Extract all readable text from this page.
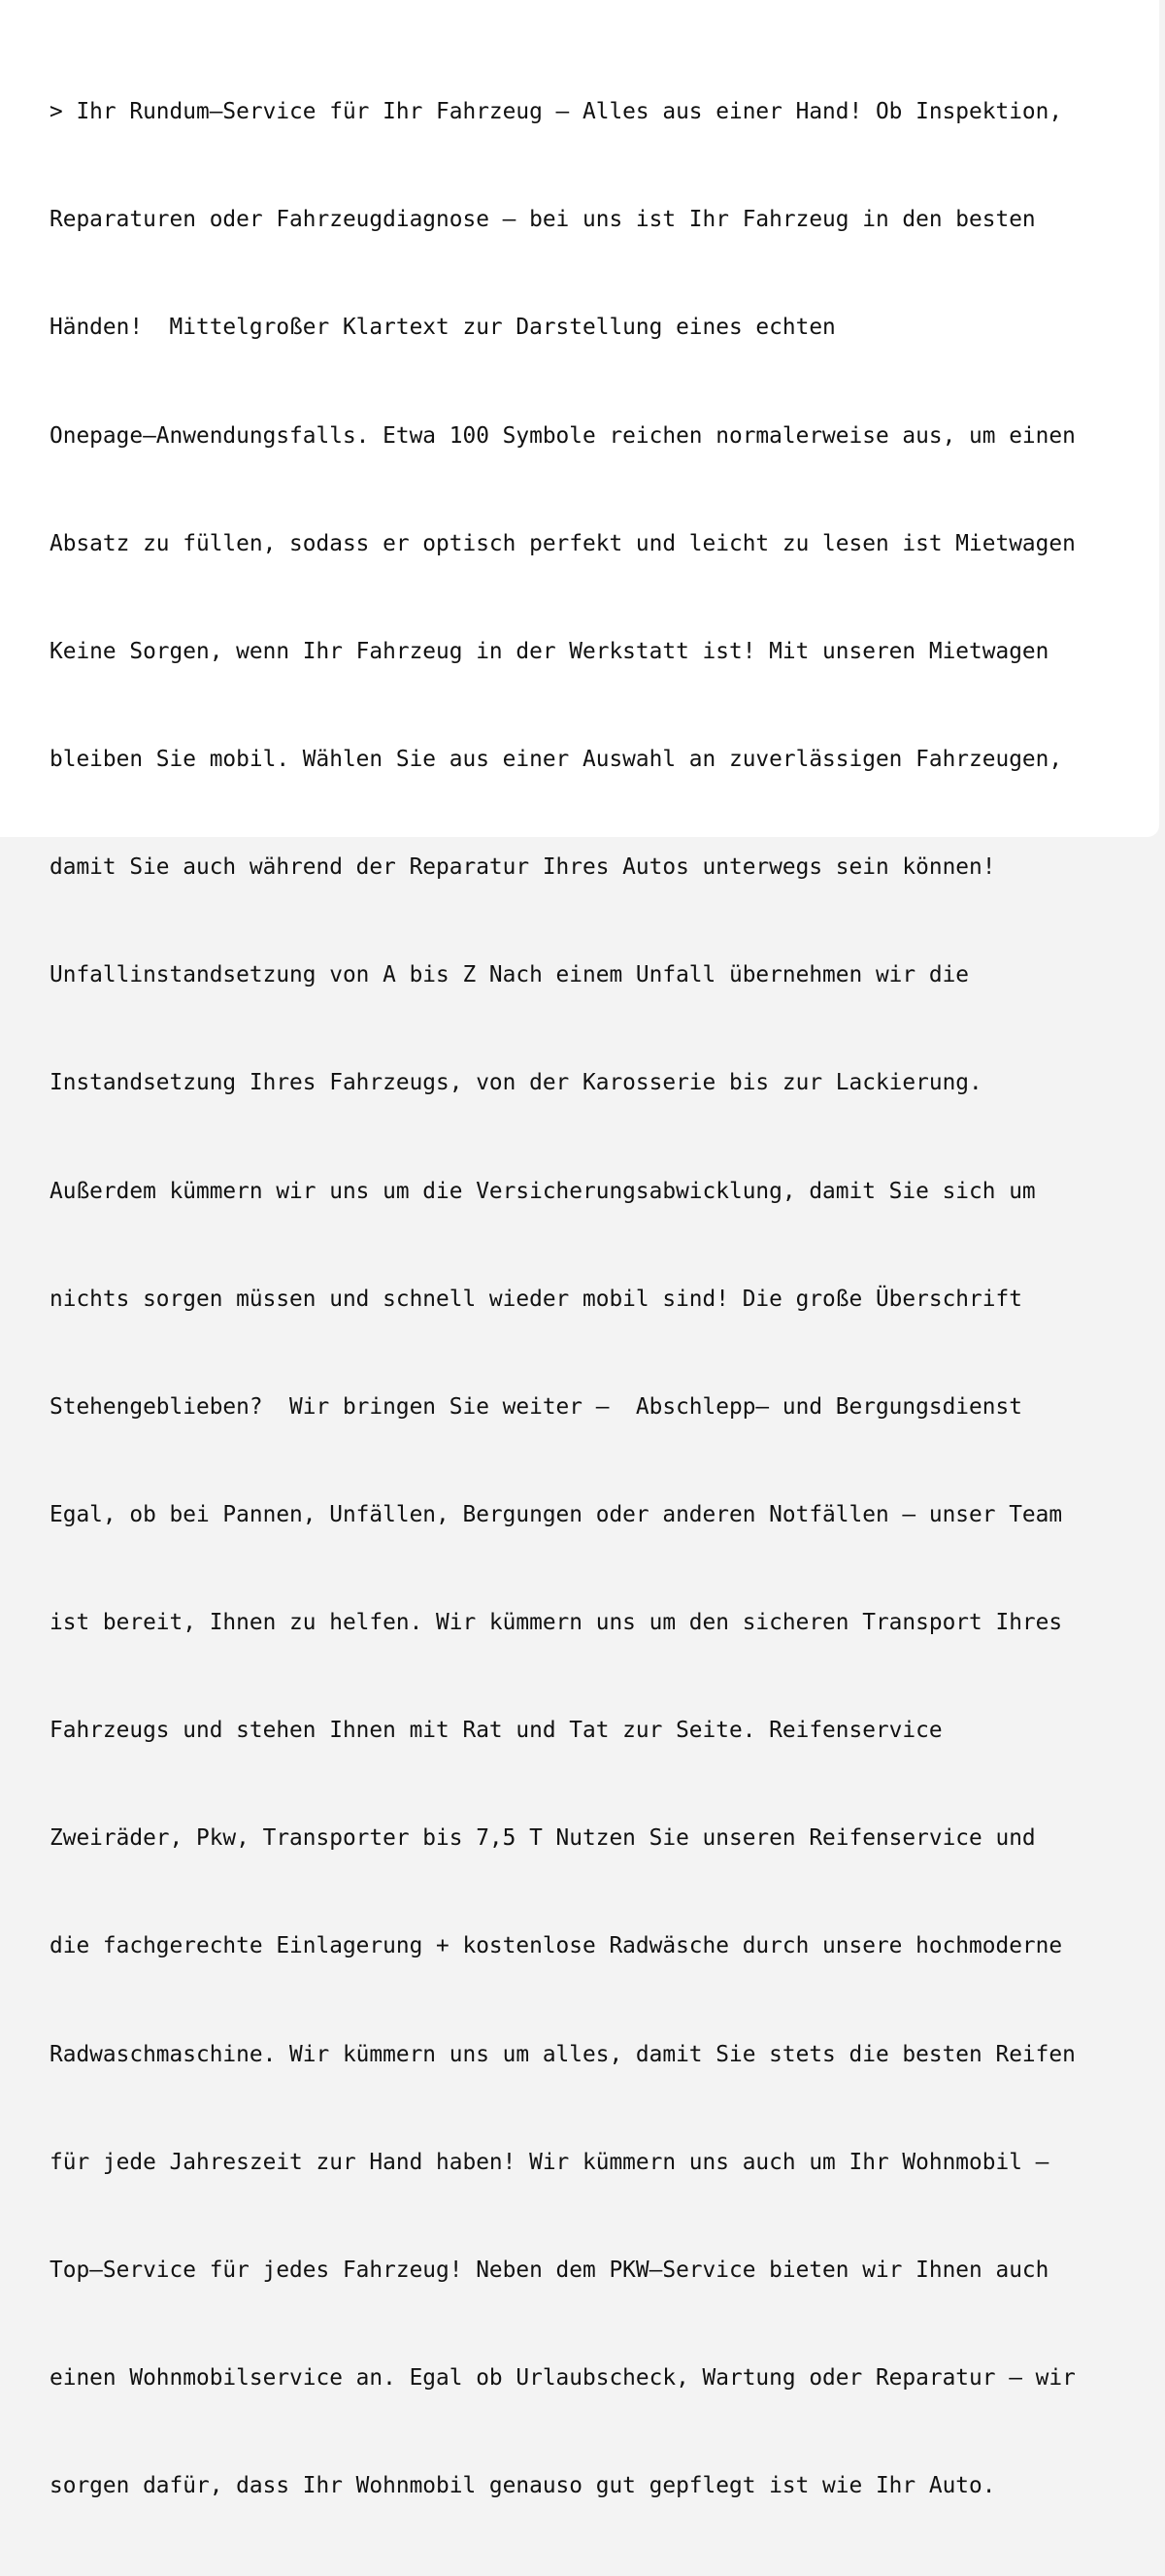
> Ihr Rundum–Service für Ihr Fahrzeug – Alles aus einer Hand! Ob Inspektion,

Reparaturen oder Fahrzeugdiagnose – bei uns ist Ihr Fahrzeug in den besten

Händen!  Mittelgroßer Klartext zur Darstellung eines echten

Onepage–Anwendungsfalls. Etwa 100 Symbole reichen normalerweise aus, um einen

Absatz zu füllen, sodass er optisch perfekt und leicht zu lesen ist Mietwagen

Keine Sorgen, wenn Ihr Fahrzeug in der Werkstatt ist! Mit unseren Mietwagen

bleiben Sie mobil. Wählen Sie aus einer Auswahl an zuverlässigen Fahrzeugen,

damit Sie auch während der Reparatur Ihres Autos unterwegs sein können!

Unfallinstandsetzung von A bis Z Nach einem Unfall übernehmen wir die

Instandsetzung Ihres Fahrzeugs, von der Karosserie bis zur Lackierung.

Außerdem kümmern wir uns um die Versicherungsabwicklung, damit Sie sich um

nichts sorgen müssen und schnell wieder mobil sind! Die große Überschrift

Stehengeblieben?  Wir bringen Sie weiter –  Abschlepp– und Bergungsdienst

Egal, ob bei Pannen, Unfällen, Bergungen oder anderen Notfällen – unser Team

ist bereit, Ihnen zu helfen. Wir kümmern uns um den sicheren Transport Ihres

Fahrzeugs und stehen Ihnen mit Rat und Tat zur Seite. Reifenservice

Zweiräder, Pkw, Transporter bis 7,5 T Nutzen Sie unseren Reifenservice und

die fachgerechte Einlagerung + kostenlose Radwäsche durch unsere hochmoderne

Radwaschmaschine. Wir kümmern uns um alles, damit Sie stets die besten Reifen

für jede Jahreszeit zur Hand haben! Wir kümmern uns auch um Ihr Wohnmobil –

Top–Service für jedes Fahrzeug! Neben dem PKW–Service bieten wir Ihnen auch

einen Wohnmobilservice an. Egal ob Urlaubscheck, Wartung oder Reparatur – wir

sorgen dafür, dass Ihr Wohnmobil genauso gut gepflegt ist wie Ihr Auto.
